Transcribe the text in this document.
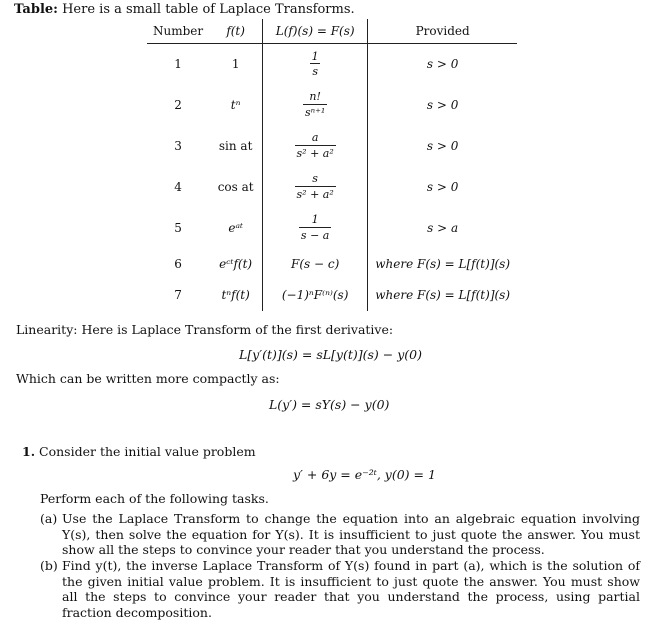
Table: Here is a small table of Laplace Transforms.
Number	f(t)	L(f)(s) = F(s)	Provided
1	1	$\frac{1}{s}$	s > 0
2	tⁿ	$\frac{n!}{\text{sⁿ⁺¹}}$	s > 0
3	sin at	$\frac{a}{\text{s² + a²}}$	s > 0
4	cos at	$\frac{s}{\text{s² + a²}}$	s > 0
5	eᵃᵗ	$\frac{1}{s - a}$	s > a
6	eᶜᵗf(t)	F(s − c)	where F(s) = L[f(t)](s)
7	tⁿf(t)	(−1)ⁿF⁽ⁿ⁾(s)	where F(s) = L[f(t)](s)
Linearity: Here is Laplace Transform of the first derivative:
L[y′(t)](s) = sL[y(t)](s) − y(0)
Which can be written more compactly as:
L(y′) = sY(s) − y(0)
1. Consider the initial value problem
y′ + 6y = e⁻²ᵗ, y(0) = 1
Perform each of the following tasks.
(a) Use the Laplace Transform to change the equation into an algebraic equation involving Y(s), then solve the equation for Y(s). It is insufficient to just quote the answer. You must show all the steps to convince your reader that you understand the process.
(b) Find y(t), the inverse Laplace Transform of Y(s) found in part (a), which is the solution of the given initial value problem. It is insufficient to just quote the answer. You must show all the steps to convince your reader that you understand the process, using partial fraction decomposition.
